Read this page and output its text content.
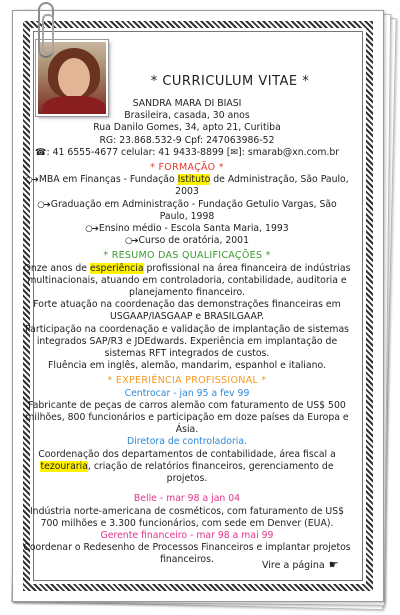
* CURRICULUM VITAE *

SANDRA MARA DI BIASI

Brasileira, casada, 30 anos

Rua Danilo Gomes, 34, apto 21, Curitiba

RG: 23.868.532-9 Cpf: 247063986-52

☎: 41 6555-4677 celular: 41 9433-8899 [✉]: smarab@xn.com.br

* FORMAÇÃO *

○➔MBA em Finanças - Fundação Istituto de Administração, São Paulo, 2003

○➔Graduação em Administração - Fundação Getulio Vargas, São Paulo, 1998

○➔Ensino médio - Escola Santa Maria, 1993

○➔Curso de oratória, 2001

* RESUMO DAS QUALIFICAÇÕES *

Onze anos de esperiência profissional na área financeira de indústrias multinacionais, atuando em controladoria, contabilidade, auditoria e planejamento financeiro.

Forte atuação na coordenação das demonstrações financeiras em USGAAP/IASGAAP e BRASILGAAP.

Participação na coordenação e validação de implantação de sistemas integrados SAP/R3 e JDEdwards. Experiência em implantação de sistemas RFT integrados de custos.

Fluência em inglês, alemão, mandarim, espanhol e italiano.

* EXPERIÊNCIA PROFISSIONAL *

Centrocar - jan 95 a fev 99

Fabricante de peças de carros alemão com faturamento de US$ 500 milhões, 800 funcionários e participação em doze países da Europa e Ásia.

Diretora de controladoria.

Coordenação dos departamentos de contabilidade, área fiscal a tezouraria, criação de relatórios financeiros, gerenciamento de projetos.

Belle - mar 98 a jan 04

Indústria norte-americana de cosméticos, com faturamento de US$ 700 milhões e 3.300 funcionários, com sede em Denver (EUA).

Gerente financeiro - mar 98 a mai 99

Coordenar o Redesenho de Processos Financeiros e implantar projetos financeiros.

Vire a página ☛
